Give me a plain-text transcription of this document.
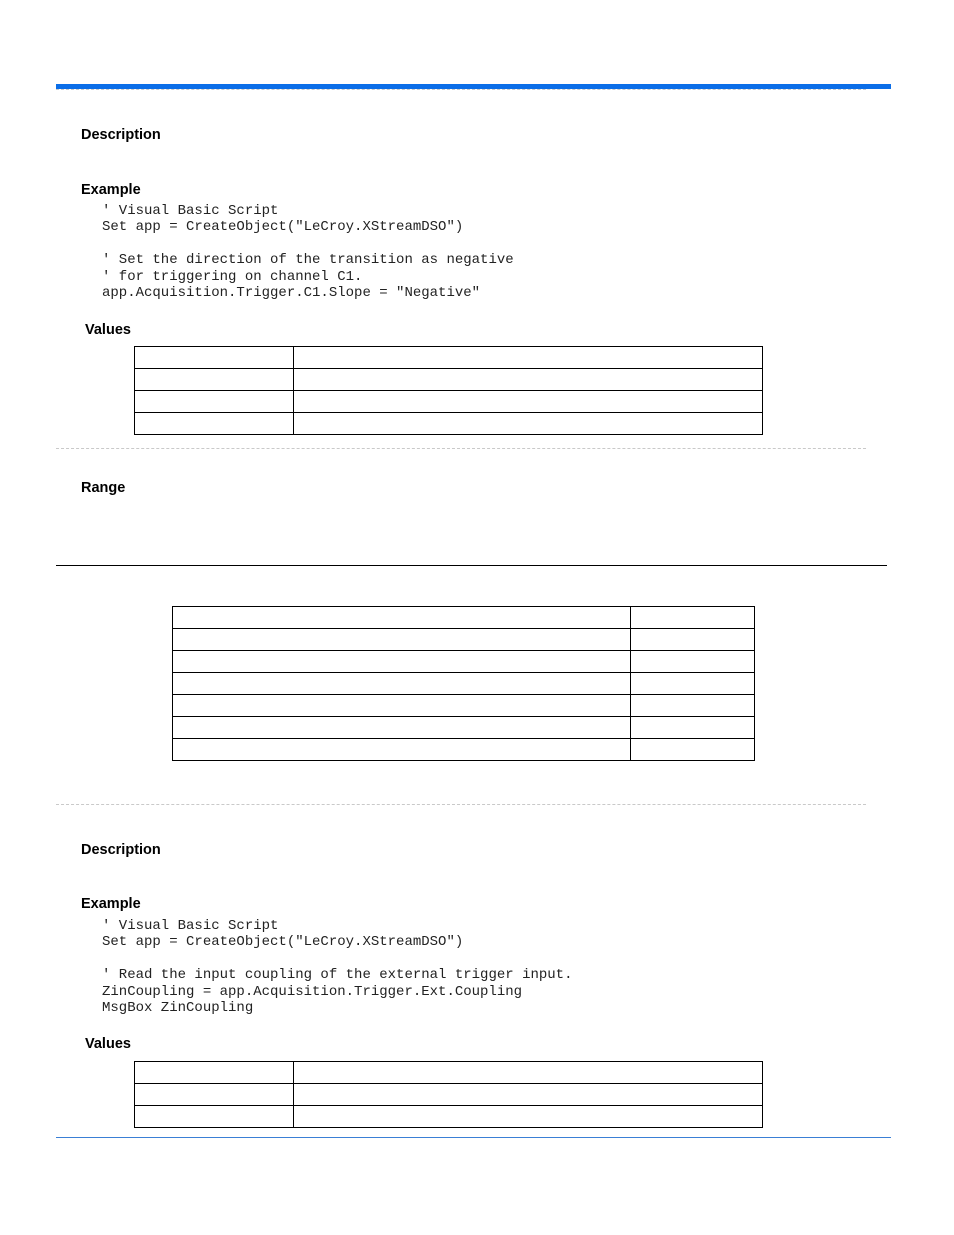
Description
Example
' Visual Basic Script
Set app = CreateObject("LeCroy.XStreamDSO")

' Set the direction of the transition as negative
' for triggering on channel C1.
app.Acquisition.Trigger.C1.Slope = "Negative"
Values

Range

Description
Example
' Visual Basic Script
Set app = CreateObject("LeCroy.XStreamDSO")

' Read the input coupling of the external trigger input.
ZinCoupling = app.Acquisition.Trigger.Ext.Coupling
MsgBox ZinCoupling
Values
